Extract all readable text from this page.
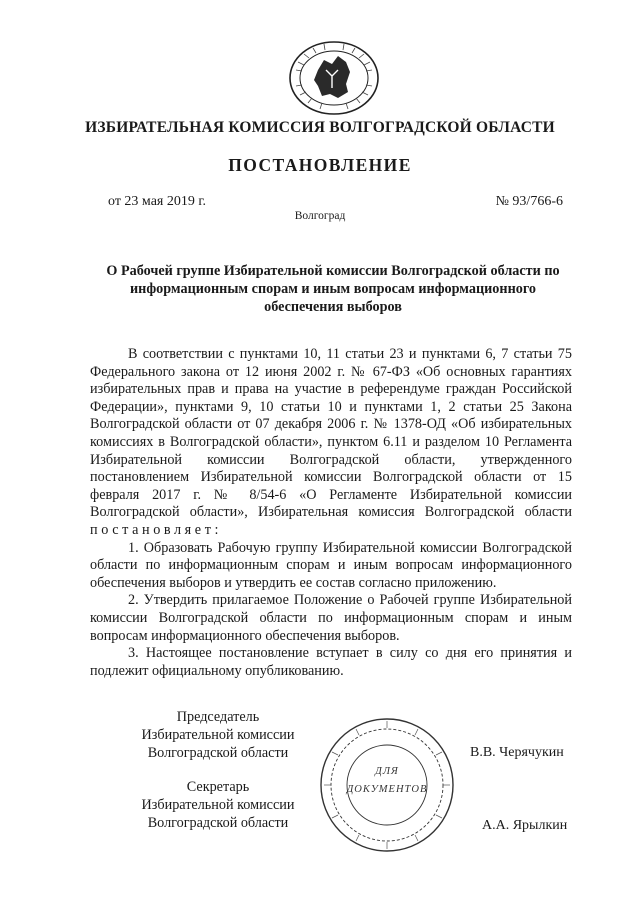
ИЗБИРАТЕЛЬНАЯ КОМИССИЯ ВОЛГОГРАДСКОЙ ОБЛАСТИ
ПОСТАНОВЛЕНИЕ
от 23 мая 2019 г.	№ 93/766-6
Волгоград
О Рабочей группе Избирательной комиссии Волгоградской области по информационным спорам и иным вопросам информационного обеспечения выборов

В соответствии с пунктами 10, 11 статьи 23 и пунктами 6, 7 статьи 75 Федерального закона от 12 июня 2002 г. № 67-ФЗ «Об основных гарантиях избирательных прав и права на участие в референдуме граждан Российской Федерации», пунктами 9, 10 статьи 10 и пунктами 1, 2 статьи 25 Закона Волгоградской области от 07 декабря 2006 г. № 1378-ОД «Об избирательных комиссиях в Волгоградской области», пунктом 6.11 и разделом 10 Регламента Избирательной комиссии Волгоградской области, утвержденного постановлением Избирательной комиссии Волгоградской области от 15 февраля 2017 г. № 8/54-6 «О Регламенте Избирательной комиссии Волгоградской области», Избирательная комиссия Волгоградской области постановляет:

1. Образовать Рабочую группу Избирательной комиссии Волгоградской области по информационным спорам и иным вопросам информационного обеспечения выборов и утвердить ее состав согласно приложению.

2. Утвердить прилагаемое Положение о Рабочей группе Избирательной комиссии Волгоградской области по информационным спорам и иным вопросам информационного обеспечения выборов.

3. Настоящее постановление вступает в силу со дня его принятия и подлежит официальному опубликованию.

Председатель
Избирательной комиссии
Волгоградской области	В.В. Черячукин
Секретарь
Избирательной комиссии
Волгоградской области	А.А. Ярылкин
ДЛЯ
ДОКУМЕНТОВ
